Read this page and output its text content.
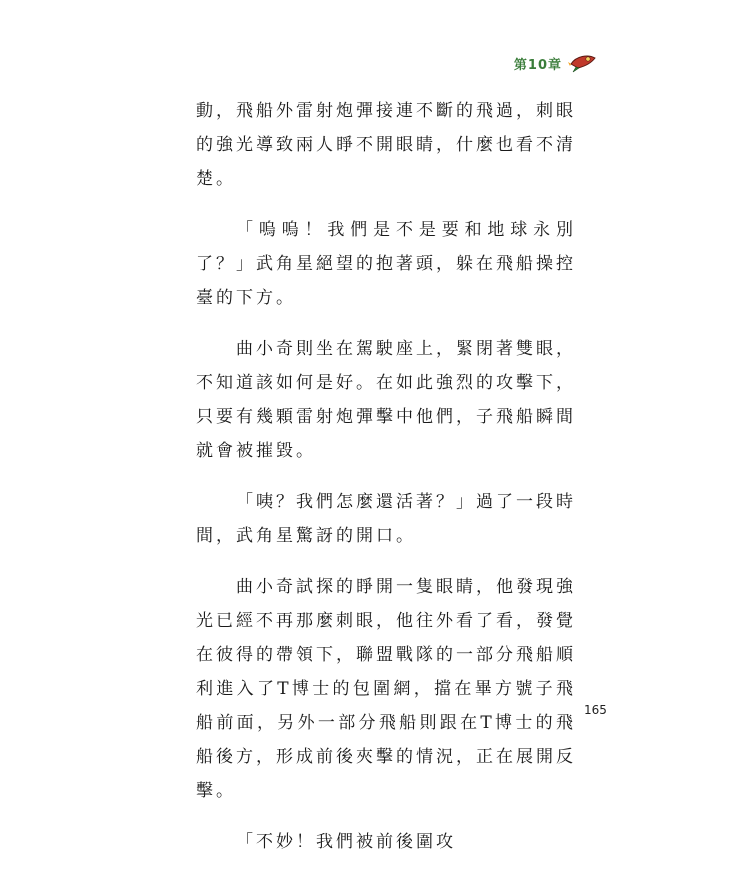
第10章

動，飛船外雷射炮彈接連不斷的飛過，刺眼的強光導致兩人睜不開眼睛，什麼也看不清楚。

「嗚嗚！我們是不是要和地球永別了？」武角星絕望的抱著頭，躲在飛船操控臺的下方。

曲小奇則坐在駕駛座上，緊閉著雙眼，不知道該如何是好。在如此強烈的攻擊下，只要有幾顆雷射炮彈擊中他們，子飛船瞬間就會被摧毀。

「咦？我們怎麼還活著？」過了一段時間，武角星驚訝的開口。

曲小奇試探的睜開一隻眼睛，他發現強光已經不再那麼刺眼，他往外看了看，發覺在彼得的帶領下，聯盟戰隊的一部分飛船順利進入了T博士的包圍網，擋在畢方號子飛船前面，另外一部分飛船則跟在T博士的飛船後方，形成前後夾擊的情況，正在展開反擊。

「不妙！我們被前後圍攻

165
